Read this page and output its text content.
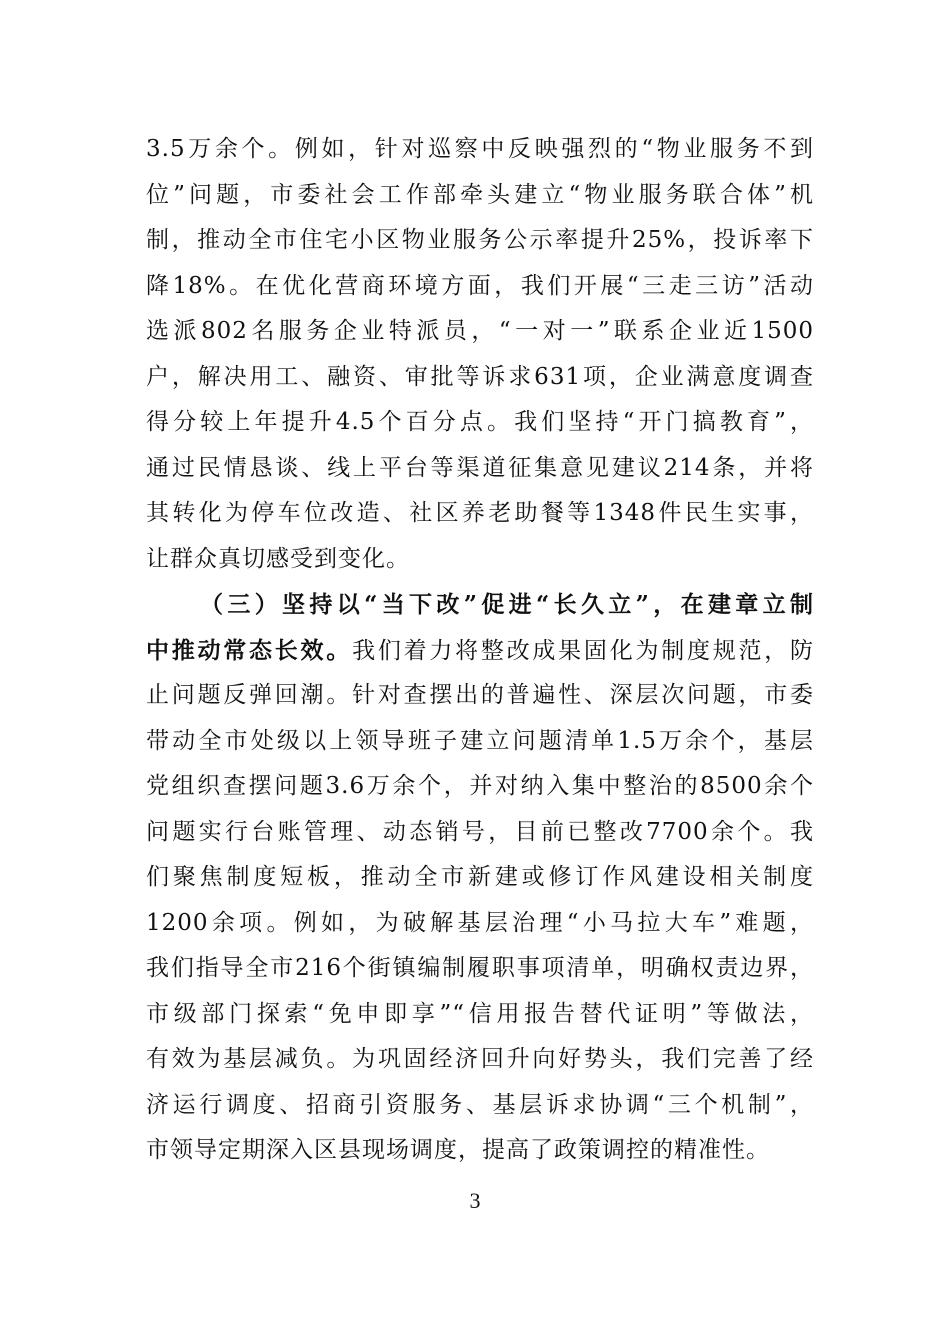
3.5万余个。例如，针对巡察中反映强烈的“物业服务不到
位”问题，市委社会工作部牵头建立“物业服务联合体”机
制，推动全市住宅小区物业服务公示率提升25%，投诉率下
降18%。在优化营商环境方面，我们开展“三走三访”活动
选派802名服务企业特派员，“一对一”联系企业近1500
户，解决用工、融资、审批等诉求631项，企业满意度调查
得分较上年提升4.5个百分点。我们坚持“开门搞教育”，
通过民情恳谈、线上平台等渠道征集意见建议214条，并将
其转化为停车位改造、社区养老助餐等1348件民生实事，
让群众真切感受到变化。
（三）坚持以“当下改”促进“长久立”，在建章立制
中推动常态长效。我们着力将整改成果固化为制度规范，防
止问题反弹回潮。针对查摆出的普遍性、深层次问题，市委
带动全市处级以上领导班子建立问题清单1.5万余个，基层
党组织查摆问题3.6万余个，并对纳入集中整治的8500余个
问题实行台账管理、动态销号，目前已整改7700余个。我
们聚焦制度短板，推动全市新建或修订作风建设相关制度
1200余项。例如，为破解基层治理“小马拉大车”难题，
我们指导全市216个街镇编制履职事项清单，明确权责边界，
市级部门探索“免申即享”“信用报告替代证明”等做法，
有效为基层减负。为巩固经济回升向好势头，我们完善了经
济运行调度、招商引资服务、基层诉求协调“三个机制”，
市领导定期深入区县现场调度，提高了政策调控的精准性。
3
